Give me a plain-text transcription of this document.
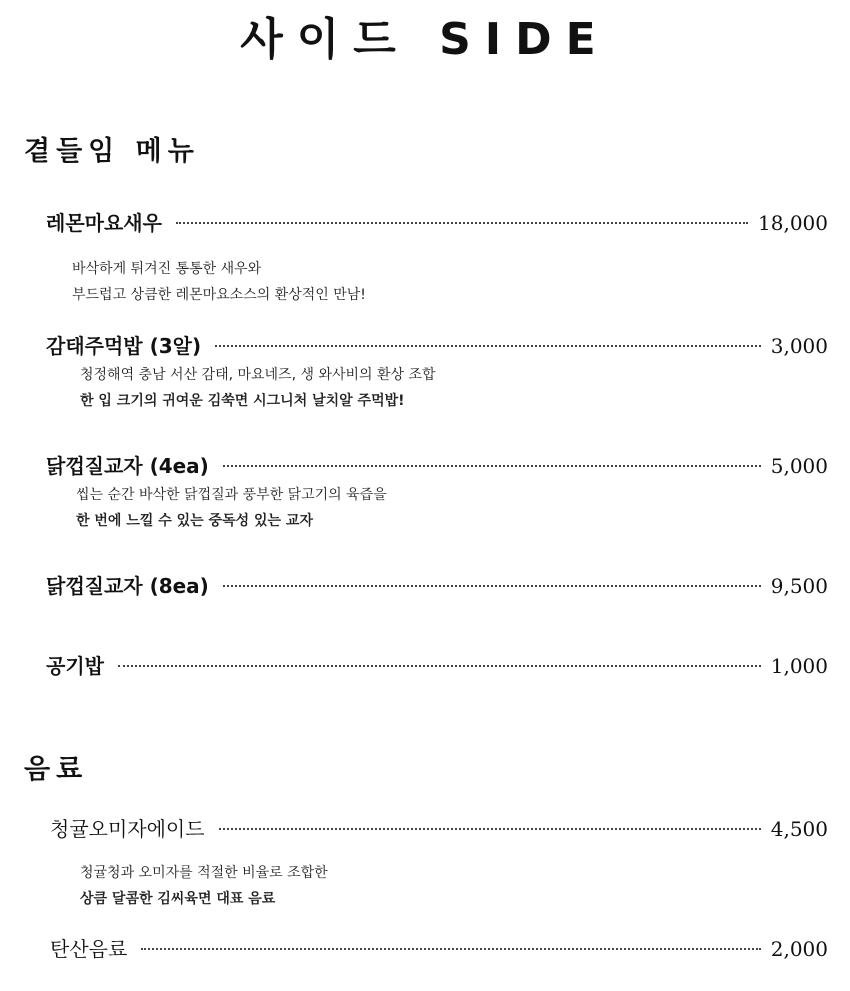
사이드 SIDE
곁들임 메뉴
레몬마요새우	18,000
바삭하게 튀겨진 통통한 새우와
부드럽고 상큼한 레몬마요소스의 환상적인 만남!
감태주먹밥 (3알)	3,000
청정해역 충남 서산 감태, 마요네즈, 생 와사비의 환상 조합
한 입 크기의 귀여운 김쑥면 시그니처 날치알 주먹밥!
닭껍질교자 (4ea)	5,000
씹는 순간 바삭한 닭껍질과 풍부한 닭고기의 육즙을
한 번에 느낄 수 있는 중독성 있는 교자
닭껍질교자 (8ea)	9,500
공기밥	1,000
음료
청귤오미자에이드	4,500
청귤청과 오미자를 적절한 비율로 조합한
상큼 달콤한 김씨육면 대표 음료
탄산음료	2,000
